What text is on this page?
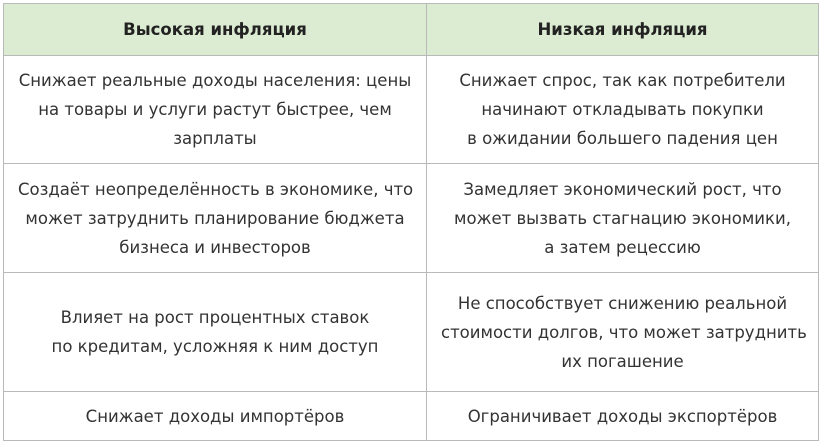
Высокая инфляция	Низкая инфляция

Снижает реальные доходы населения: цены
на товары и услуги растут быстрее, чем
зарплаты	Снижает спрос, так как потребители
начинают откладывать покупки
в ожидании большего падения цен

Создаёт неопределённость в экономике, что
может затруднить планирование бюджета
бизнеса и инвесторов	Замедляет экономический рост, что
может вызвать стагнацию экономики,
а затем рецессию

Влияет на рост процентных ставок
по кредитам, усложняя к ним доступ	Не способствует снижению реальной
стоимости долгов, что может затруднить
их погашение

Снижает доходы импортёров	Ограничивает доходы экспортёров
